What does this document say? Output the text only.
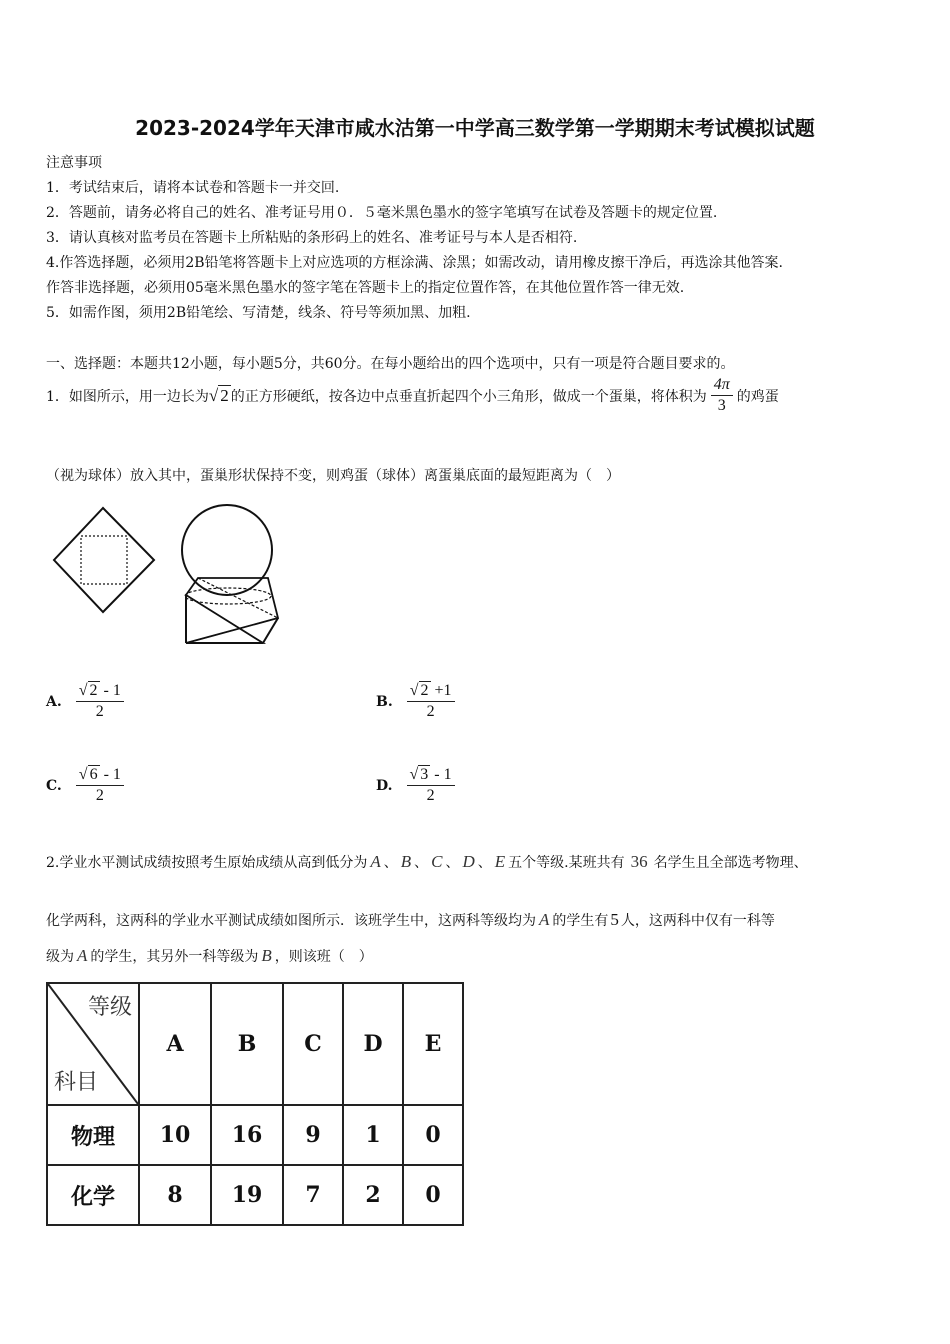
2023-2024学年天津市咸水沽第一中学高三数学第一学期期末考试模拟试题
注意事项
1．考试结束后，请将本试卷和答题卡一并交回.
2．答题前，请务必将自己的姓名、准考证号用０．５毫米黑色墨水的签字笔填写在试卷及答题卡的规定位置.
3．请认真核对监考员在答题卡上所粘贴的条形码上的姓名、准考证号与本人是否相符.
4.作答选择题，必须用2B铅笔将答题卡上对应选项的方框涂满、涂黑；如需改动，请用橡皮擦干净后，再选涂其他答案.
作答非选择题，必须用05毫米黑色墨水的签字笔在答题卡上的指定位置作答，在其他位置作答一律无效.
5．如需作图，须用2B铅笔绘、写清楚，线条、符号等须加黑、加粗.
一、选择题：本题共12小题，每小题5分，共60分。在每小题给出的四个选项中，只有一项是符合题目要求的。
1．如图所示，用一边长为 √ 2 的正方形硬纸，按各边中点垂直折起四个小三角形，做成一个蛋巢，将体积为 $\frac{4\pi}{3}$ 的鸡蛋
（视为球体）放入其中，蛋巢形状保持不变，则鸡蛋（球体）离蛋巢底面的最短距离为（　）
A. $\frac{√ 2 - 1}{2}$	B. $\frac{√ 2 +1}{2}$
C. $\frac{√ 6 - 1}{2}$	D. $\frac{√ 3 - 1}{2}$
2.学业水平测试成绩按照考生原始成绩从高到低分为 A 、 B 、 C 、 D 、 E 五个等级.某班共有 36 名学生且全部选考物理、
化学两科，这两科的学业水平测试成绩如图所示．该班学生中，这两科等级均为 A 的学生有 5 人，这两科中仅有一科等
级为 A 的学生，其另外一科等级为 B ，则该班（　）
等级
科目	A	B	C	D	E
物理	10	16	9	1	0
化学	8	19	7	2	0
